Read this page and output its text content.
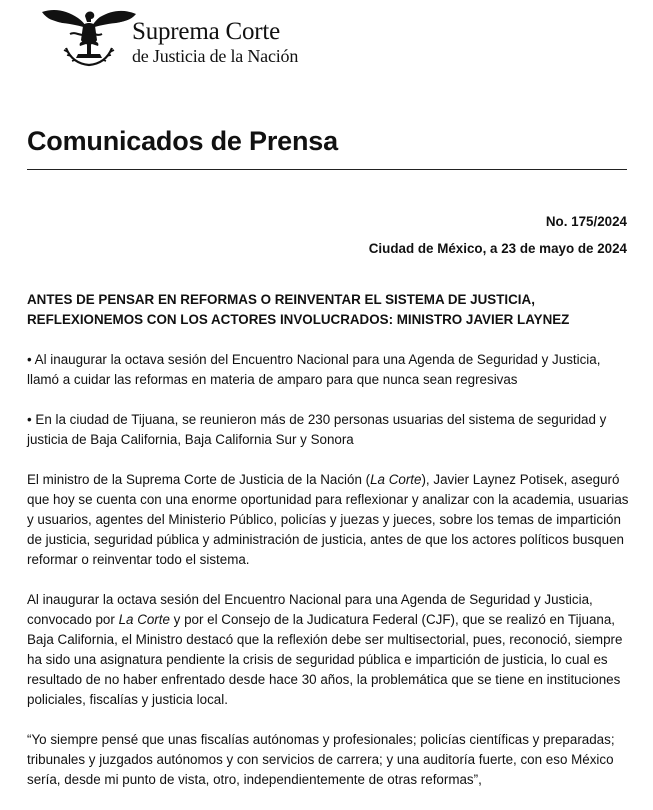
Suprema Corte
de Justicia de la Nación
Comunicados de Prensa
No. 175/2024
Ciudad de México, a 23 de mayo de 2024

ANTES DE PENSAR EN REFORMAS O REINVENTAR EL SISTEMA DE JUSTICIA, REFLEXIONEMOS CON LOS ACTORES INVOLUCRADOS: MINISTRO JAVIER LAYNEZ

• Al inaugurar la octava sesión del Encuentro Nacional para una Agenda de Seguridad y Justicia, llamó a cuidar las reformas en materia de amparo para que nunca sean regresivas

• En la ciudad de Tijuana, se reunieron más de 230 personas usuarias del sistema de seguridad y justicia de Baja California, Baja California Sur y Sonora

El ministro de la Suprema Corte de Justicia de la Nación (La Corte), Javier Laynez Potisek, aseguró que hoy se cuenta con una enorme oportunidad para reflexionar y analizar con la academia, usuarias y usuarios, agentes del Ministerio Público, policías y juezas y jueces, sobre los temas de impartición de justicia, seguridad pública y administración de justicia, antes de que los actores políticos busquen reformar o reinventar todo el sistema.

Al inaugurar la octava sesión del Encuentro Nacional para una Agenda de Seguridad y Justicia, convocado por La Corte y por el Consejo de la Judicatura Federal (CJF), que se realizó en Tijuana, Baja California, el Ministro destacó que la reflexión debe ser multisectorial, pues, reconoció, siempre ha sido una asignatura pendiente la crisis de seguridad pública e impartición de justicia, lo cual es resultado de no haber enfrentado desde hace 30 años, la problemática que se tiene en instituciones policiales, fiscalías y justicia local.

“Yo siempre pensé que unas fiscalías autónomas y profesionales; policías científicas y preparadas; tribunales y juzgados autónomos y con servicios de carrera; y una auditoría fuerte, con eso México sería, desde mi punto de vista, otro, independientemente de otras reformas”,
